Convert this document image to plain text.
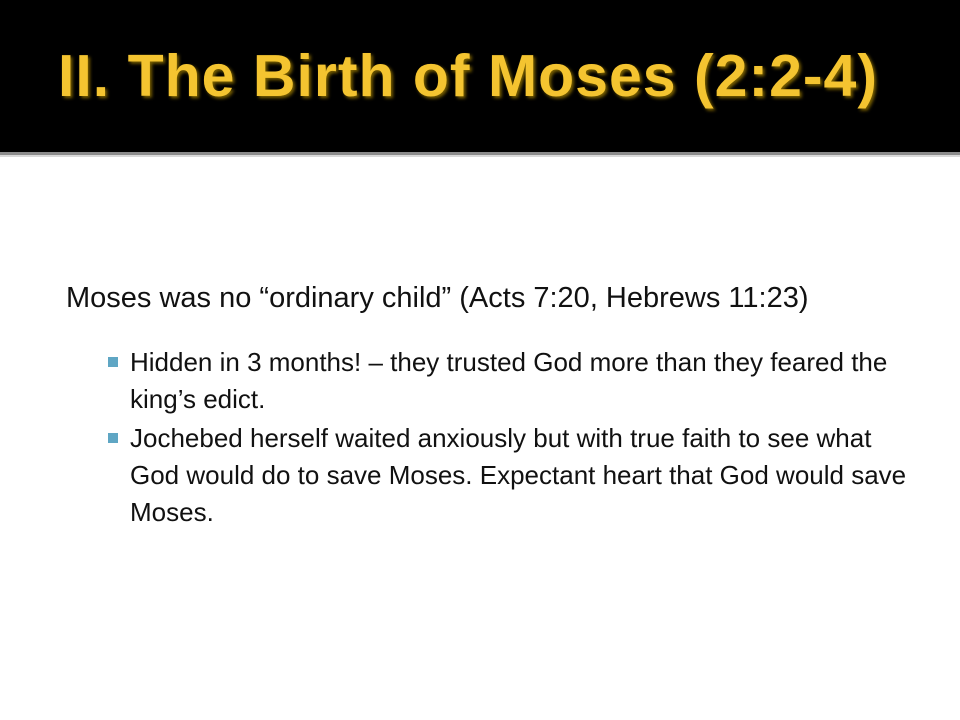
II. The Birth of Moses (2:2-4)

Moses was no “ordinary child” (Acts 7:20, Hebrews 11:23)

Hidden in 3 months! – they trusted God more than they feared the king’s edict.
Jochebed herself waited anxiously but with true faith to see what God would do to save Moses. Expectant heart that God would save Moses.
